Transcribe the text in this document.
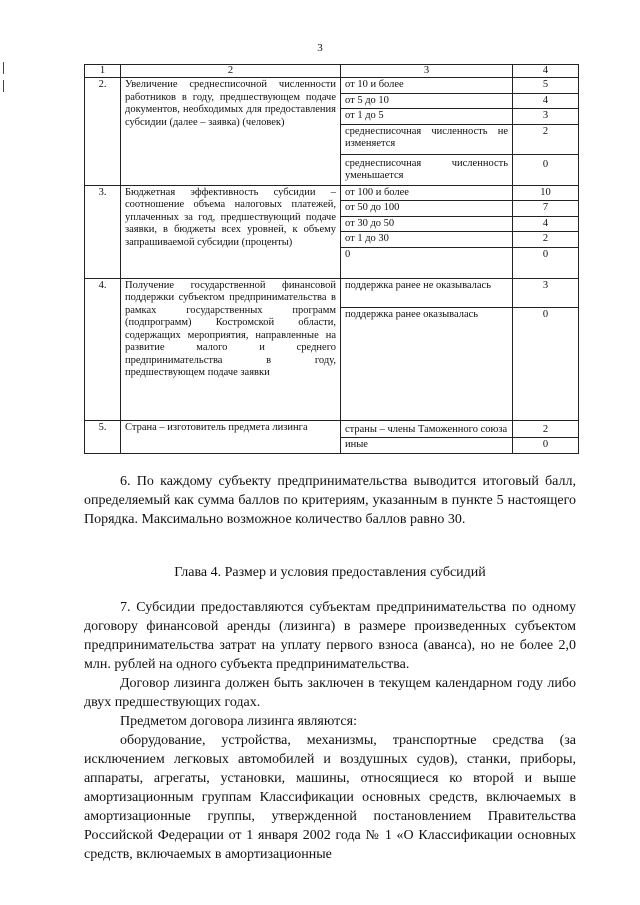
3
1	2	3	4
2.	Увеличение среднесписочной численности работников в году, предшествующем подаче документов, необходимых для предоставления субсидии (далее – заявка) (человек)	от 10 и более	5
		от 5 до 10	4
		от 1 до 5	3
		среднесписочная численность не изменяется	2
		среднесписочная численность уменьшается	0
3.	Бюджетная эффективность субсидии – соотношение объема налоговых платежей, уплаченных за год, предшествующий подаче заявки, в бюджеты всех уровней, к объему запрашиваемой субсидии (проценты)	от 100 и более	10
		от 50 до 100	7
		от 30 до 50	4
		от 1 до 30	2
		0	0
4.	Получение государственной финансовой поддержки субъектом предпринимательства в рамках государственных программ (подпрограмм) Костромской области, содержащих мероприятия, направленные на развитие малого и среднего предпринимательства в году, предшествующем подаче заявки	поддержка ранее не оказывалась	3
		поддержка ранее оказывалась	0
5.	Страна – изготовитель предмета лизинга	страны – члены Таможенного союза	2
		иные	0

6. По каждому субъекту предпринимательства выводится итоговый балл, определяемый как сумма баллов по критериям, указанным в пункте 5 настоящего Порядка. Максимально возможное количество баллов равно 30.

Глава 4. Размер и условия предоставления субсидий

7. Субсидии предоставляются субъектам предпринимательства по одному договору финансовой аренды (лизинга) в размере произведенных субъектом предпринимательства затрат на уплату первого взноса (аванса), но не более 2,0 млн. рублей на одного субъекта предпринимательства.

Договор лизинга должен быть заключен в текущем календарном году либо двух предшествующих годах.

Предметом договора лизинга являются:

оборудование, устройства, механизмы, транспортные средства (за исключением легковых автомобилей и воздушных судов), станки, приборы, аппараты, агрегаты, установки, машины, относящиеся ко второй и выше амортизационным группам Классификации основных средств, включаемых в амортизационные группы, утвержденной постановлением Правительства Российской Федерации от 1 января 2002 года № 1 «О Классификации основных средств, включаемых в амортизационные
